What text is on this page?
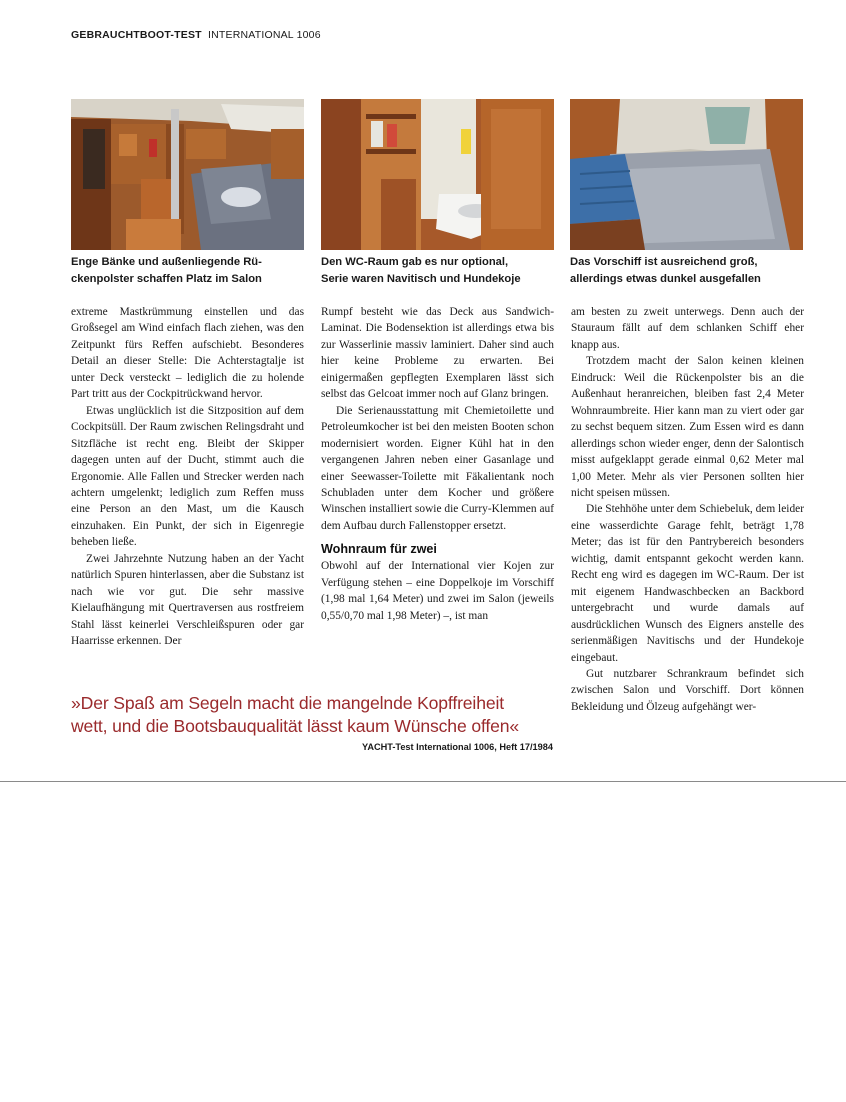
GEBRAUCHTBOOT-TEST INTERNATIONAL 1006
Enge Bänke und außenliegende Rü-
ckenpolster schaffen Platz im Salon
Den WC-Raum gab es nur optional,
Serie waren Navitisch und Hundekoje
Das Vorschiff ist ausreichend groß,
allerdings etwas dunkel ausgefallen

extreme Mastkrümmung einstellen und das Großsegel am Wind einfach flach ziehen, was den Zeitpunkt fürs Reffen aufschiebt. Besonderes Detail an dieser Stelle: Die Achterstagtalje ist unter Deck versteckt – lediglich die zu holende Part tritt aus der Cockpitrückwand hervor.

Etwas unglücklich ist die Sitzposition auf dem Cockpitsüll. Der Raum zwischen Relingsdraht und Sitzfläche ist recht eng. Bleibt der Skipper dagegen unten auf der Ducht, stimmt auch die Ergonomie. Alle Fallen und Strecker werden nach achtern umgelenkt; lediglich zum Reffen muss eine Person an den Mast, um die Kausch einzuhaken. Ein Punkt, der sich in Eigenregie beheben ließe.

Zwei Jahrzehnte Nutzung haben an der Yacht natürlich Spuren hinterlassen, aber die Substanz ist nach wie vor gut. Die sehr massive Kielaufhängung mit Quertraversen aus rostfreiem Stahl lässt keinerlei Verschleißspuren oder gar Haarrisse erkennen. Der

Rumpf besteht wie das Deck aus Sandwich-Laminat. Die Bodensektion ist allerdings etwa bis zur Wasserlinie massiv laminiert. Daher sind auch hier keine Probleme zu erwarten. Bei einigermaßen gepflegten Exemplaren lässt sich selbst das Gelcoat immer noch auf Glanz bringen.

Die Serienausstattung mit Chemietoilette und Petroleumkocher ist bei den meisten Booten schon modernisiert worden. Eigner Kühl hat in den vergangenen Jahren neben einer Gasanlage und einer Seewasser-Toilette mit Fäkalientank noch Schubladen unter dem Kocher und größere Winschen installiert sowie die Curry-Klemmen auf dem Aufbau durch Fallenstopper ersetzt.

Wohnraum für zwei

Obwohl auf der International vier Kojen zur Verfügung stehen – eine Doppelkoje im Vorschiff (1,98 mal 1,64 Meter) und zwei im Salon (jeweils 0,55/0,70 mal 1,98 Meter) –, ist man

am besten zu zweit unterwegs. Denn auch der Stauraum fällt auf dem schlanken Schiff eher knapp aus.

Trotzdem macht der Salon keinen kleinen Eindruck: Weil die Rückenpolster bis an die Außenhaut heranreichen, bleiben fast 2,4 Meter Wohnraumbreite. Hier kann man zu viert oder gar zu sechst bequem sitzen. Zum Essen wird es dann allerdings schon wieder enger, denn der Salontisch misst aufgeklappt gerade einmal 0,62 Meter mal 1,00 Meter. Mehr als vier Personen sollten hier nicht speisen müssen.

Die Stehhöhe unter dem Schiebeluk, dem leider eine wasserdichte Garage fehlt, beträgt 1,78 Meter; das ist für den Pantrybereich besonders wichtig, damit entspannt gekocht werden kann. Recht eng wird es dagegen im WC-Raum. Der ist mit eigenem Handwaschbecken an Backbord untergebracht und wurde damals auf ausdrücklichen Wunsch des Eigners anstelle des serienmäßigen Navitischs und der Hundekoje eingebaut.

Gut nutzbarer Schrankraum befindet sich zwischen Salon und Vorschiff. Dort können Bekleidung und Ölzeug aufgehängt wer-

»Der Spaß am Segeln macht die mangelnde Kopffreiheit
wett, und die Bootsbauqualität lässt kaum Wünsche offen«
YACHT-Test International 1006, Heft 17/1984
